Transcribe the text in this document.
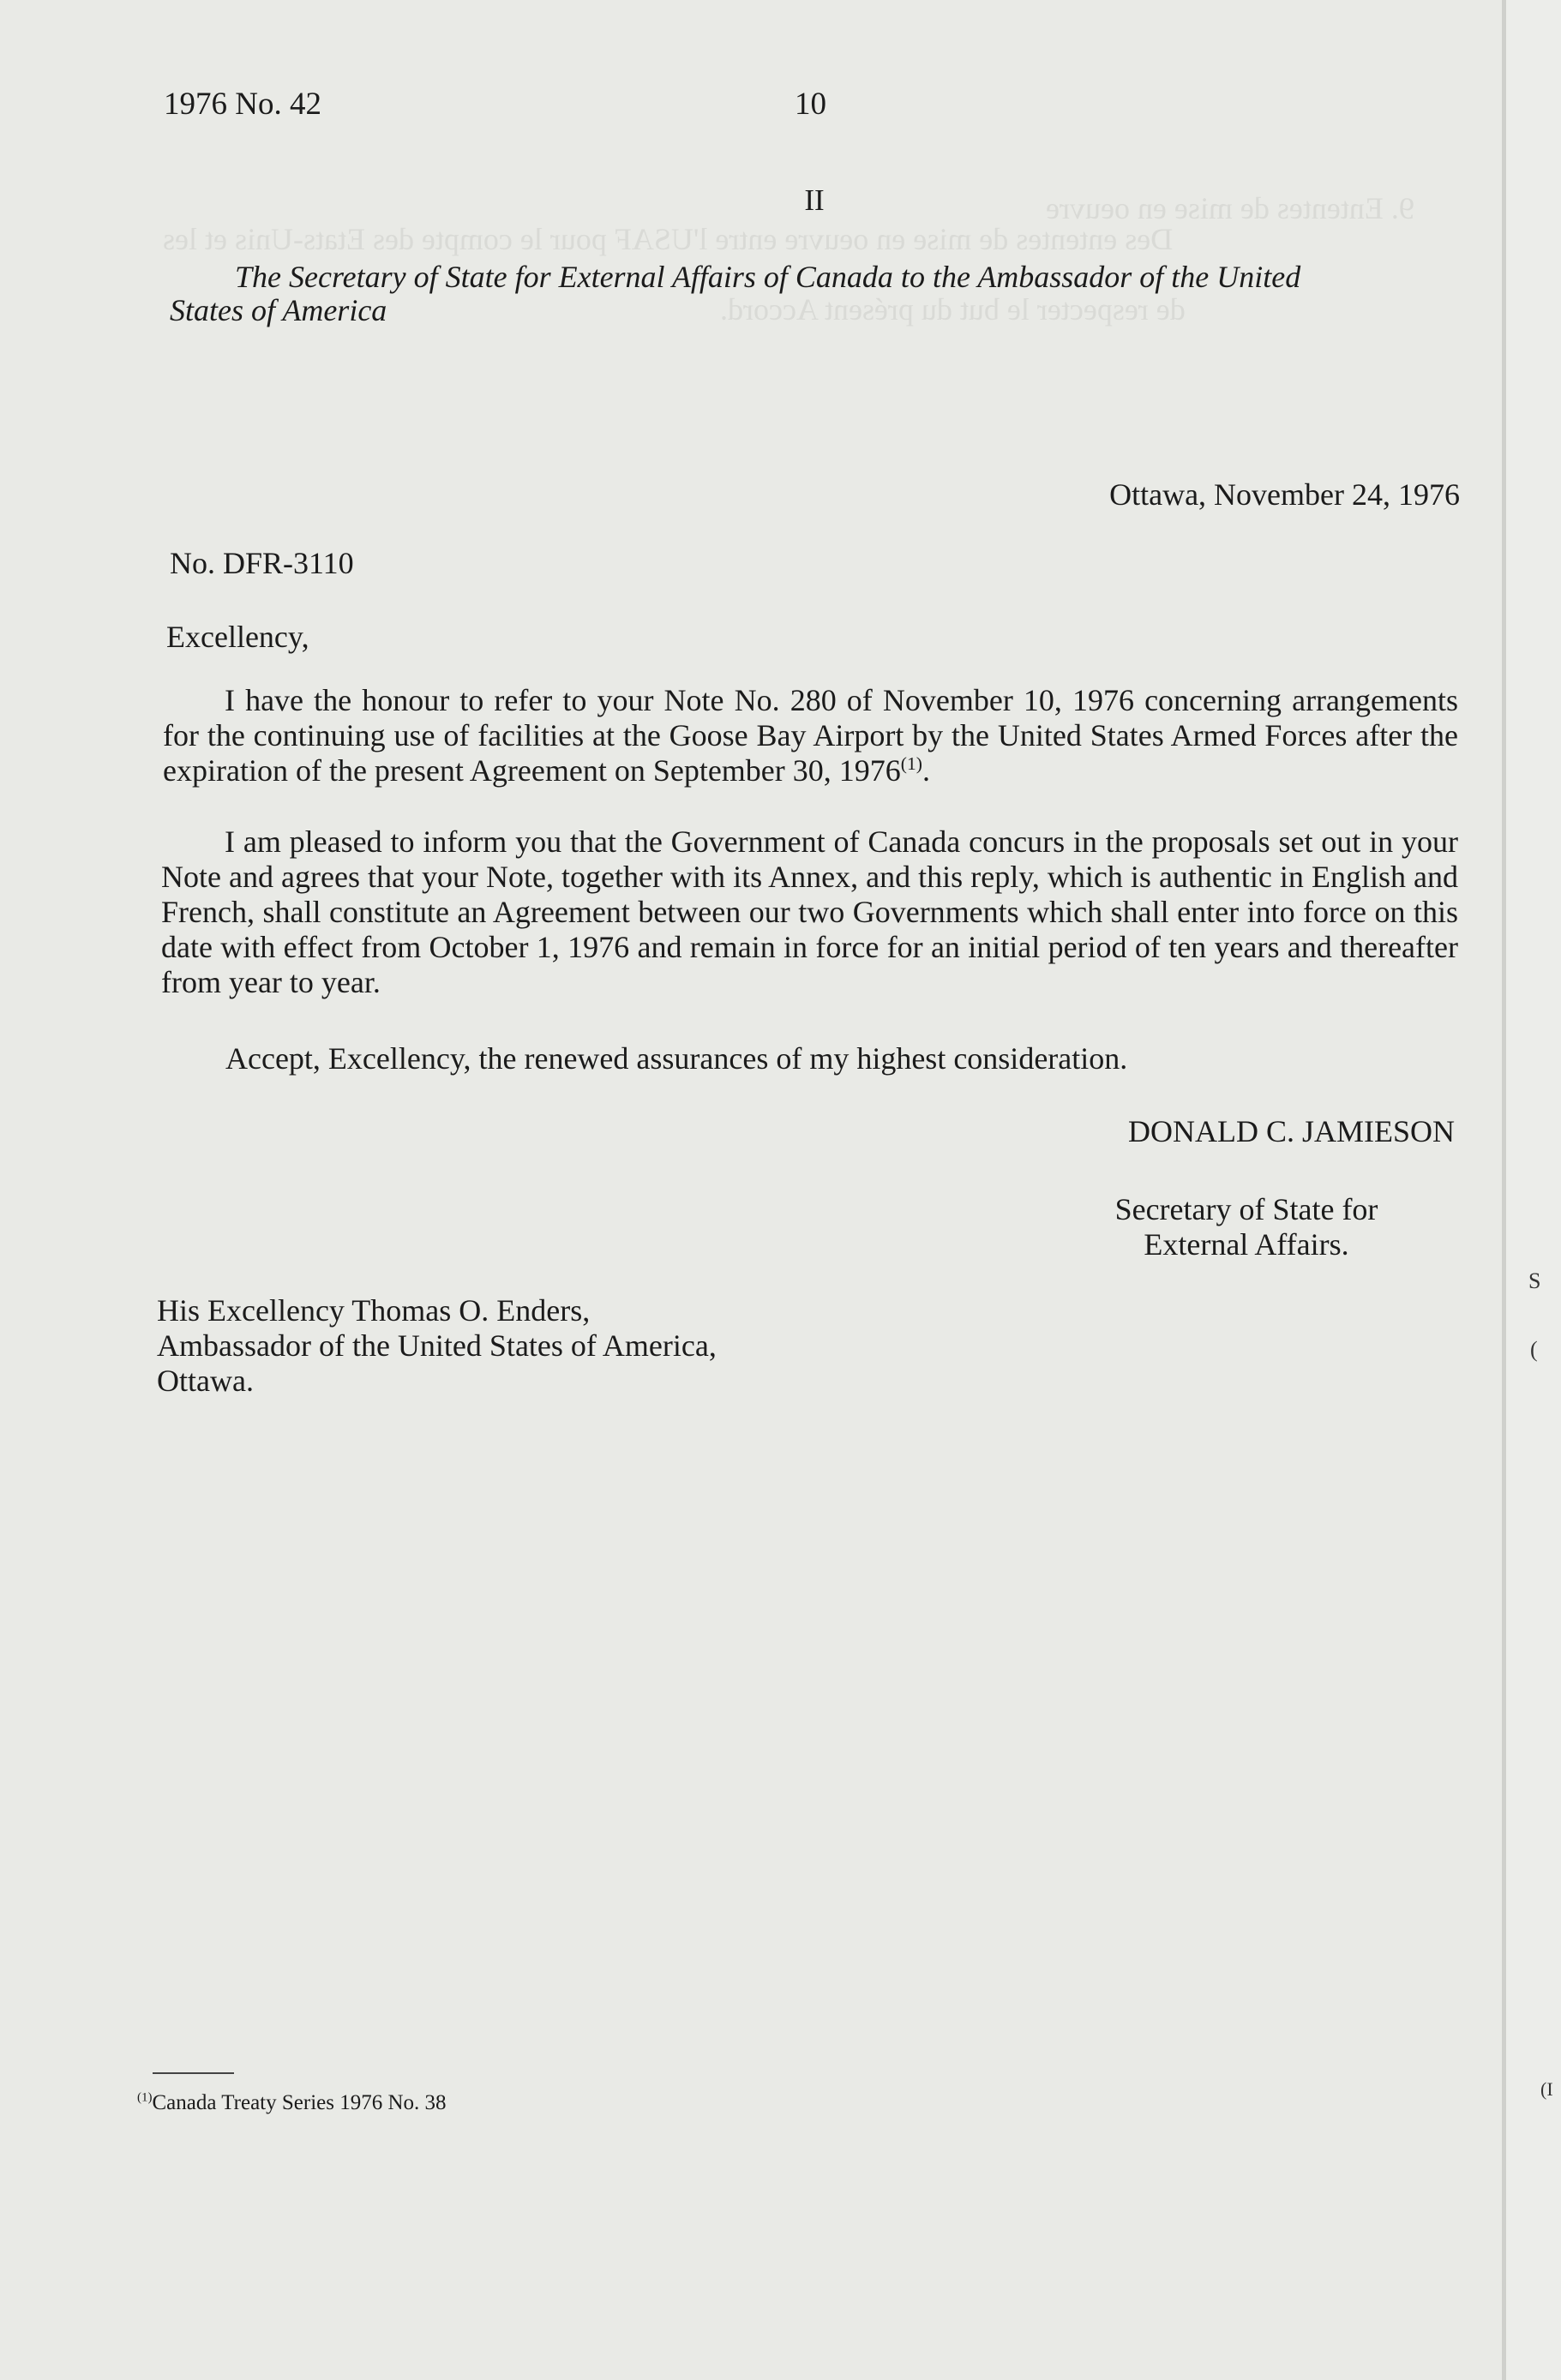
9. Ententes de mise en oeuvre
Des ententes de mise en oeuvre entre l'USAF pour le compte des Etats-Unis et les
de respecter le but du présent Accord.
1976 No. 42	10
II
The Secretary of State for External Affairs of Canada to the Ambassador of the United
States of America
Ottawa, November 24, 1976
No. DFR-3110
Excellency,
I have the honour to refer to your Note No. 280 of November 10, 1976 concerning arrangements for the continuing use of facilities at the Goose Bay Airport by the United States Armed Forces after the expiration of the present Agreement on September 30, 1976$^{(1)}$.
I am pleased to inform you that the Government of Canada concurs in the proposals set out in your Note and agrees that your Note, together with its Annex, and this reply, which is authentic in English and French, shall constitute an Agreement between our two Governments which shall enter into force on this date with effect from October 1, 1976 and remain in force for an initial period of ten years and thereafter from year to year.
Accept, Excellency, the renewed assurances of my highest consideration.
DONALD C. JAMIESON
Secretary of State for
External Affairs.
His Excellency Thomas O. Enders,
Ambassador of the United States of America,
Ottawa.
$^{(1)}$Canada Treaty Series 1976 No. 38
S
(
(I
